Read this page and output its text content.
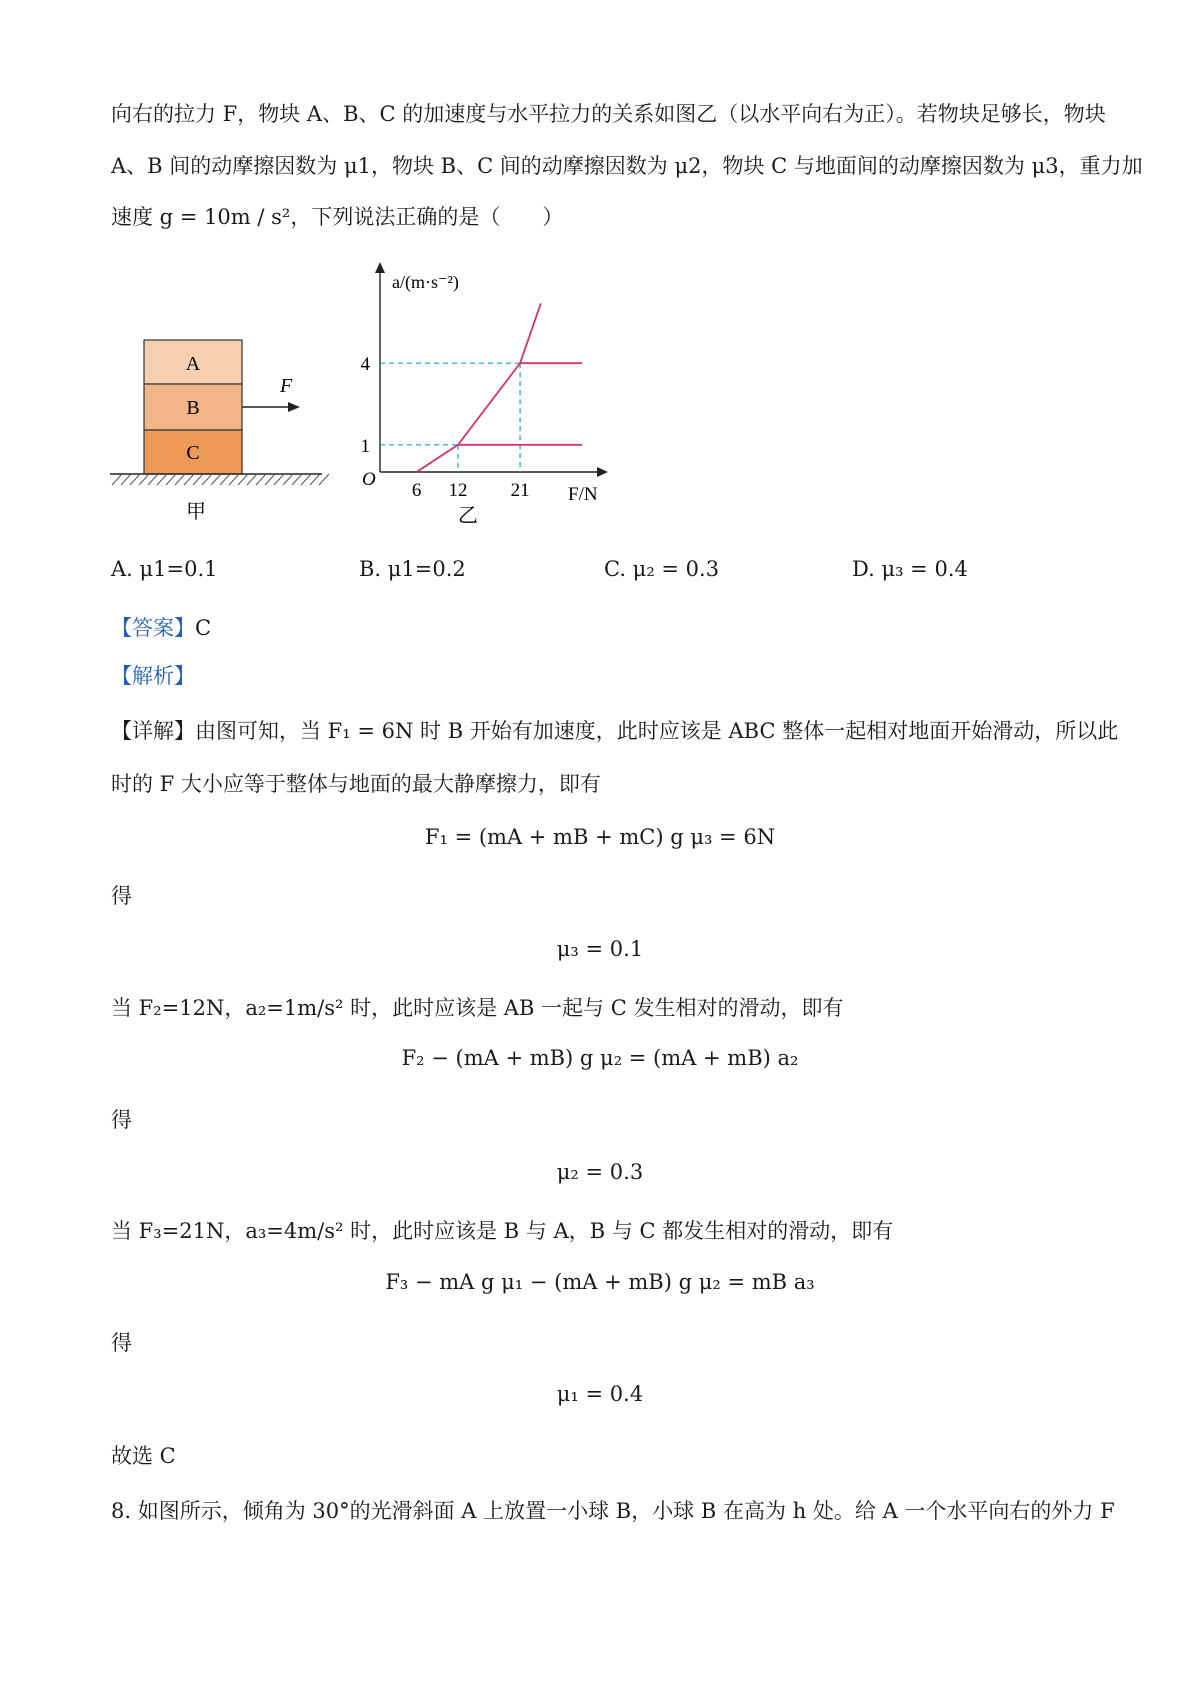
向右的拉力 F，物块 A、B、C 的加速度与水平拉力的关系如图乙（以水平向右为正）。若物块足够长，物块
A、B 间的动摩擦因数为 μ1，物块 B、C 间的动摩擦因数为 μ2，物块 C 与地面间的动摩擦因数为 μ3，重力加
速度 g = 10m / s²，下列说法正确的是（　　）
A
B
C
F
甲
6 12 21
1
4
O
a/(m·s⁻²)
F/N
乙
A. μ1=0.1	B. μ1=0.2	C. μ₂ = 0.3	D. μ₃ = 0.4
【答案】C
【解析】
【详解】由图可知，当 F₁ = 6N 时 B 开始有加速度，此时应该是 ABC 整体一起相对地面开始滑动，所以此
时的 F 大小应等于整体与地面的最大静摩擦力，即有
F₁ = (mA + mB + mC) g μ₃ = 6N
得
μ₃ = 0.1
当 F₂=12N，a₂=1m/s² 时，此时应该是 AB 一起与 C 发生相对的滑动，即有
F₂ − (mA + mB) g μ₂ = (mA + mB) a₂
得
μ₂ = 0.3
当 F₃=21N，a₃=4m/s² 时，此时应该是 B 与 A，B 与 C 都发生相对的滑动，即有
F₃ − mA g μ₁ − (mA + mB) g μ₂ = mB a₃
得
μ₁ = 0.4
故选 C
8. 如图所示，倾角为 30°的光滑斜面 A 上放置一小球 B，小球 B 在高为 h 处。给 A 一个水平向右的外力 F
